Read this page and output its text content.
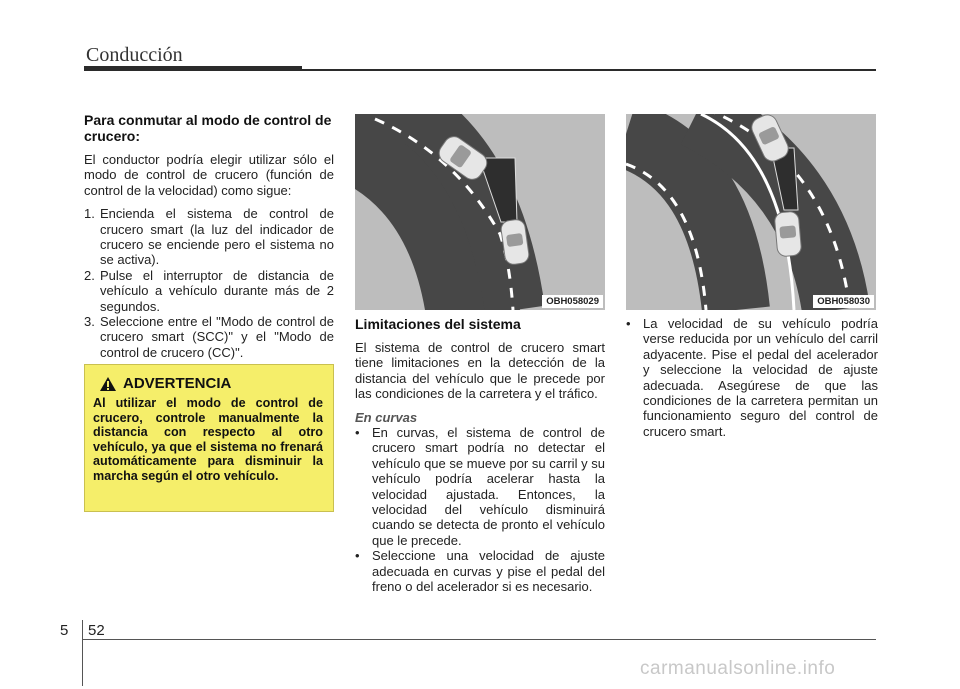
Conducción
Para conmutar al modo de control de crucero:

El conductor podría elegir utilizar sólo el modo de control de crucero (función de control de la velocidad) como sigue:

1. Encienda el sistema de control de crucero smart (la luz del indicador de crucero se enciende pero el sistema no se activa).
2. Pulse el interruptor de distancia de vehículo a vehículo durante más de 2 segundos.
3. Seleccione entre el "Modo de control de crucero smart (SCC)" y el "Modo de control de crucero (CC)".
ADVERTENCIA
Al utilizar el modo de control de crucero, controle manualmente la distancia con respecto al otro vehículo, ya que el sistema no frenará automáticamente para disminuir la marcha según el otro vehículo.
OBH058029	OBH058030
Limitaciones del sistema

El sistema de control de crucero smart tiene limitaciones en la detección de la distancia del vehículo que le precede por las condiciones de la carretera y el tráfico.

En curvas
• En curvas, el sistema de control de crucero smart podría no detectar el vehículo que se mueve por su carril y su vehículo podría acelerar hasta la velocidad ajustada. Entonces, la velocidad del vehículo disminuirá cuando se detecta de pronto el vehículo que le precede.
• Seleccione una velocidad de ajuste adecuada en curvas y pise el pedal del freno o del acelerador si es necesario.
• La velocidad de su vehículo podría verse reducida por un vehículo del carril adyacente. Pise el pedal del acelerador y seleccione la velocidad de ajuste adecuada. Asegúrese de que las condiciones de la carretera permitan un funcionamiento seguro del control de crucero smart.
5 52
carmanualsonline.info
